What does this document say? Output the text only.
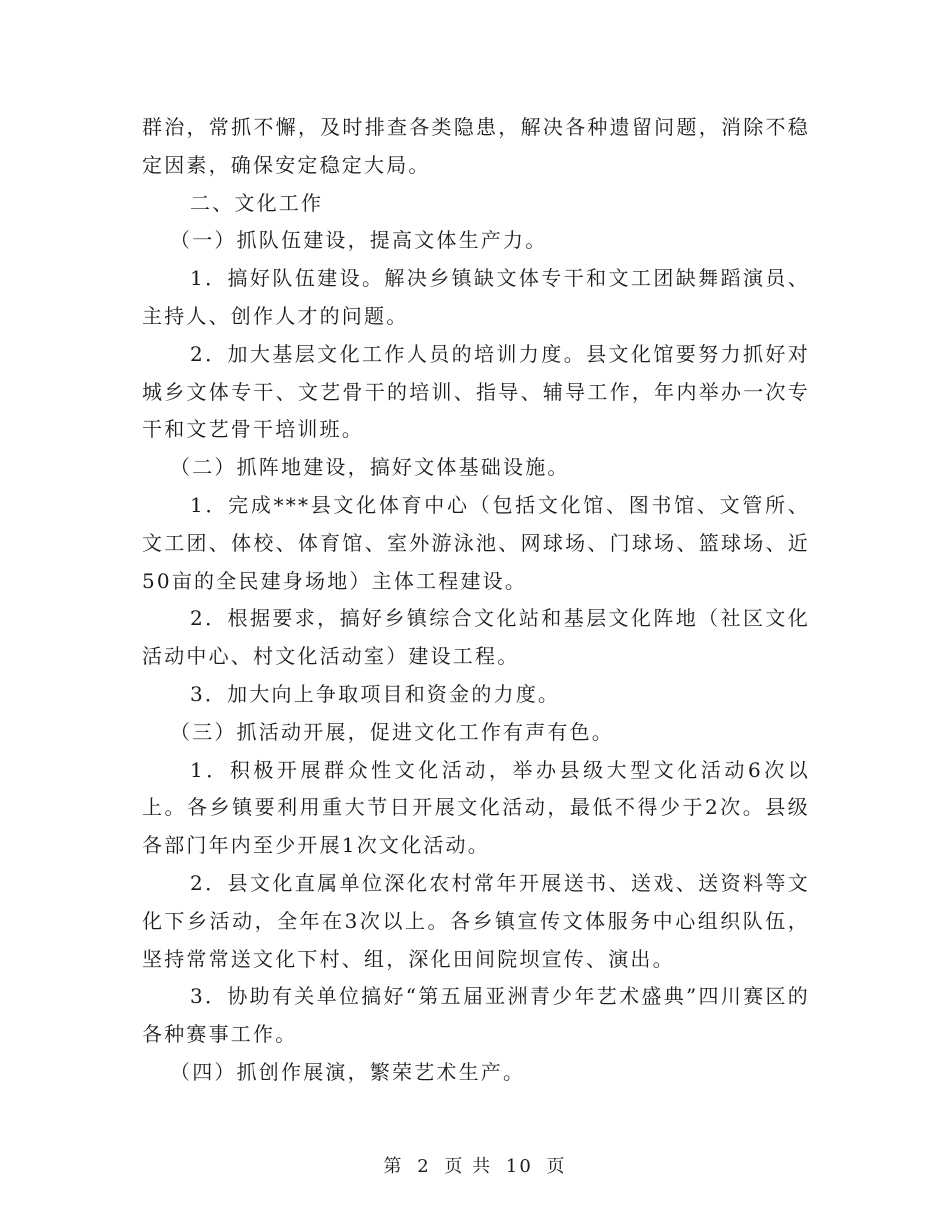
群治，常抓不懈，及时排查各类隐患，解决各种遗留问题，消除不稳定因素，确保安定稳定大局。

二、文化工作

（一）抓队伍建设，提高文体生产力。

1．搞好队伍建设。解决乡镇缺文体专干和文工团缺舞蹈演员、主持人、创作人才的问题。

2．加大基层文化工作人员的培训力度。县文化馆要努力抓好对城乡文体专干、文艺骨干的培训、指导、辅导工作，年内举办一次专干和文艺骨干培训班。

（二）抓阵地建设，搞好文体基础设施。

1．完成***县文化体育中心（包括文化馆、图书馆、文管所、文工团、体校、体育馆、室外游泳池、网球场、门球场、篮球场、近50亩的全民建身场地）主体工程建设。

2．根据要求，搞好乡镇综合文化站和基层文化阵地（社区文化活动中心、村文化活动室）建设工程。

3．加大向上争取项目和资金的力度。

（三）抓活动开展，促进文化工作有声有色。

1．积极开展群众性文化活动，举办县级大型文化活动6次以上。各乡镇要利用重大节日开展文化活动，最低不得少于2次。县级各部门年内至少开展1次文化活动。

2．县文化直属单位深化农村常年开展送书、送戏、送资料等文化下乡活动，全年在3次以上。各乡镇宣传文体服务中心组织队伍，坚持常常送文化下村、组，深化田间院坝宣传、演出。

3．协助有关单位搞好“第五届亚洲青少年艺术盛典”四川赛区的各种赛事工作。

（四）抓创作展演，繁荣艺术生产。

第 2 页 共 10 页
